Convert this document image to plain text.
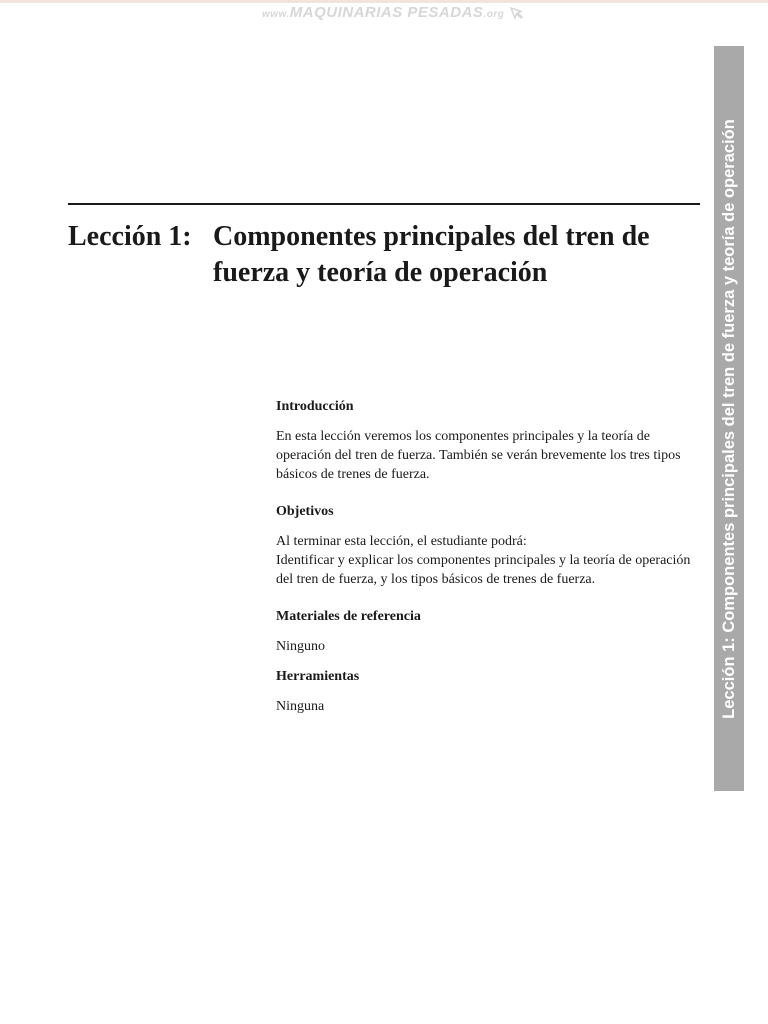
www.MAQUINARIAS PESADAS.org
Lección 1: Componentes principales del tren de fuerza y teoría de operación
Introducción

En esta lección veremos los componentes principales y la teoría de operación del tren de fuerza. También se verán brevemente los tres tipos básicos de trenes de fuerza.

Objetivos

Al terminar esta lección, el estudiante podrá:

Identificar y explicar los componentes principales y la teoría de operación del tren de fuerza, y los tipos básicos de trenes de fuerza.

Materiales de referencia

Ninguno

Herramientas

Ninguna	Lección 1: Componentes principales del tren de fuerza y teoría de operación
